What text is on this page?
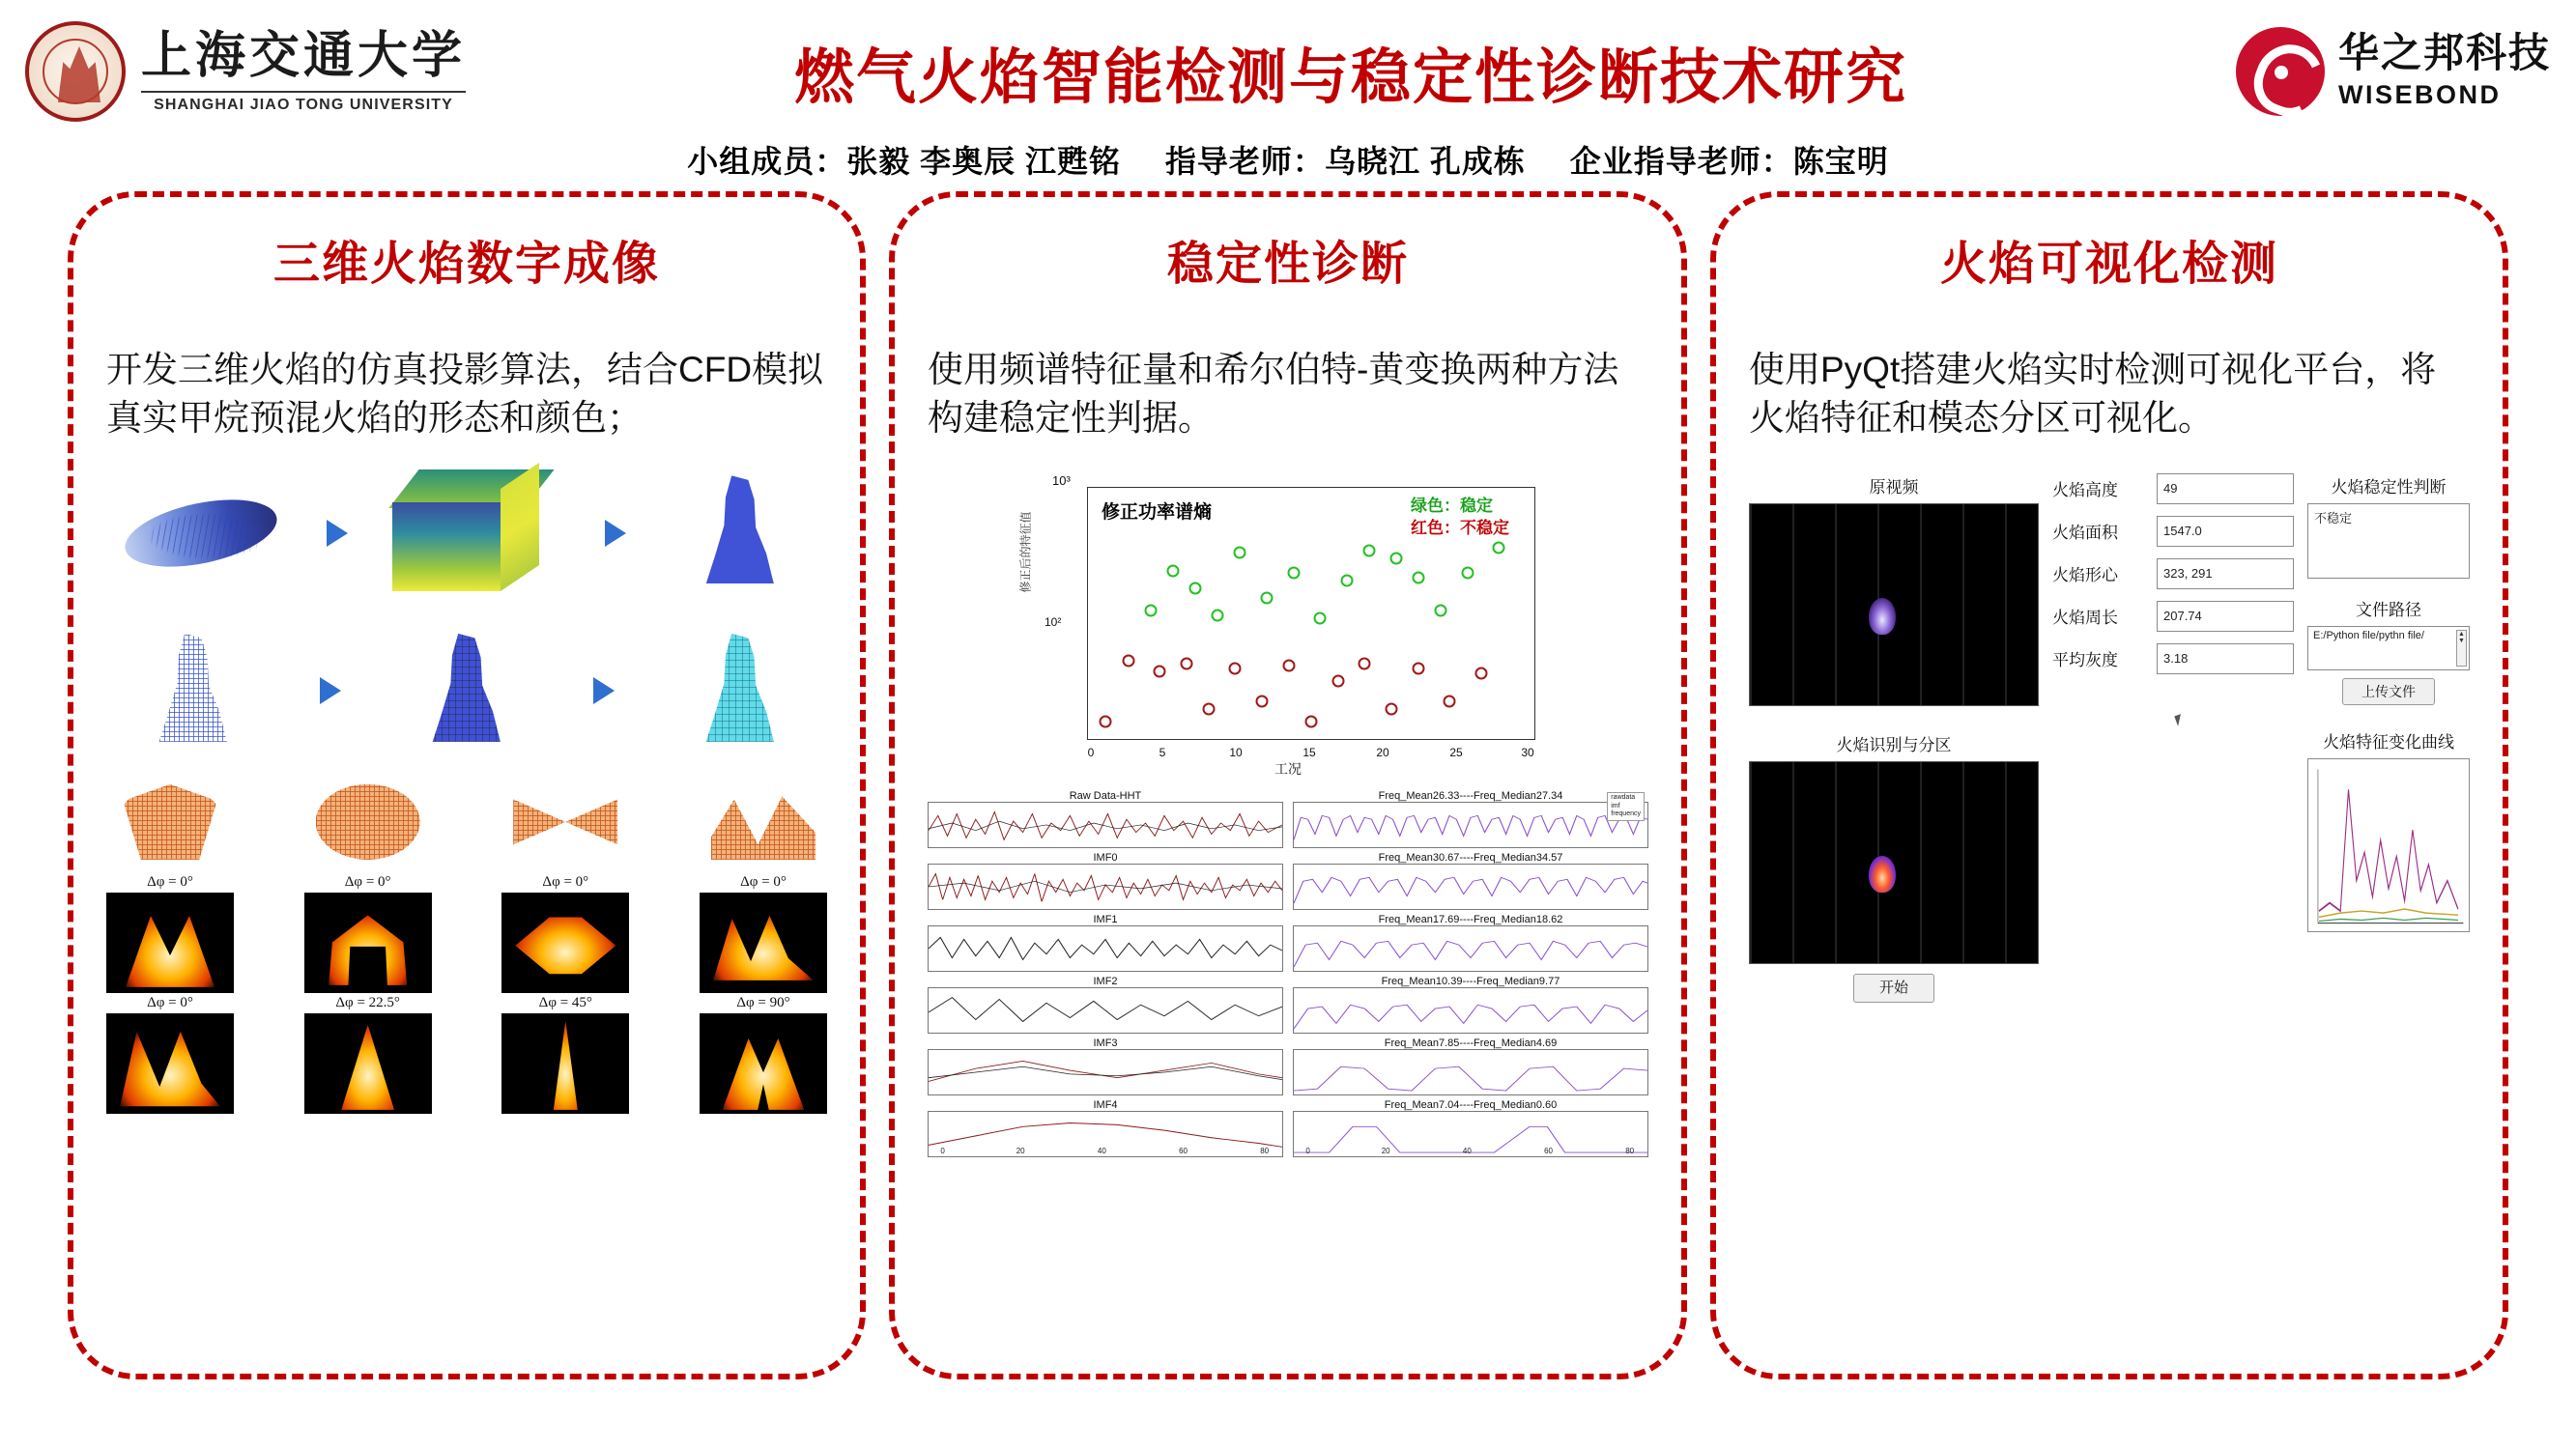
上海交通大学
SHANGHAI JIAO TONG UNIVERSITY	燃气火焰智能检测与稳定性诊断技术研究	华之邦科技
WISEBOND
小组成员：张毅 李奥辰 江甦铭 指导老师：乌晓江 孔成栋 企业指导老师：陈宝明
三维火焰数字成像

开发三维火焰的仿真投影算法，结合CFD模拟真实甲烷预混火焰的形态和颜色；

Δφ = 0°	Δφ = 0°	Δφ = 0°	Δφ = 0°
Δφ = 0°	Δφ = 22.5°	Δφ = 45°	Δφ = 90°
稳定性诊断

使用频谱特征量和希尔伯特-黄变换两种方法构建稳定性判据。

10³
修正后的特征值
10²
修正功率谱熵	绿色：稳定
红色：不稳定
0	5	10	15	20	25	30
工况
Raw Data-HHT
IMF0
IMF1
IMF2
IMF3
IMF4
0	20	40	60	80
rawdata
imf
frequency
Freq_Mean26.33----Freq_Median27.34
Freq_Mean30.67----Freq_Median34.57
Freq_Mean17.69----Freq_Median18.62
Freq_Mean10.39----Freq_Median9.77
Freq_Mean7.85----Freq_Median4.69
Freq_Mean7.04----Freq_Median0.60
0	20	40	60	80
火焰可视化检测

使用PyQt搭建火焰实时检测可视化平台，将火焰特征和模态分区可视化。

原视频
火焰识别与分区
开始
火焰高度	49
火焰面积	1547.0
火焰形心	323, 291
火焰周长	207.74
平均灰度	3.18
火焰稳定性判断
不稳定
文件路径
E:/Python file/pythn file/	▲
▼
上传文件
火焰特征变化曲线
